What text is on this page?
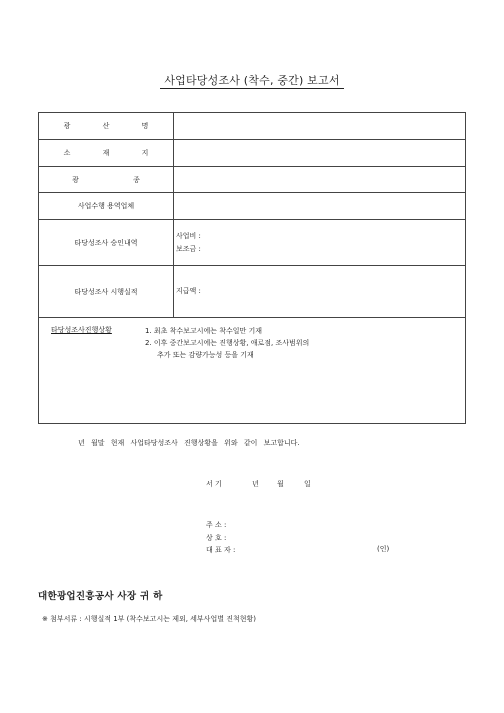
사업타당성조사 (착수, 중간) 보고서
광 산 명	
소 재 지	
광 종	
사업수행 용역업체	
타당성조사 승인내역	사업비 :
보조금 :

타당성조사 시행실적	지급액 :

타당성조사진행상황 1. 최초 착수보고시에는 착수일만 기재
2. 이후 중간보고시에는 진행상황, 애로점, 조사범위의
추가 또는 감량가능성 등을 기재	
년 월말 현재 사업타당성조사 진행상황을 위와 같이 보고합니다.
서 기	년	월	일
주 소 :
상 호 :
대 표 자 :	(인)
대한광업진흥공사 사장 귀 하
※ 첨부서류 : 시행실적 1부 (착수보고시는 제외, 세부사업별 진척현황)
